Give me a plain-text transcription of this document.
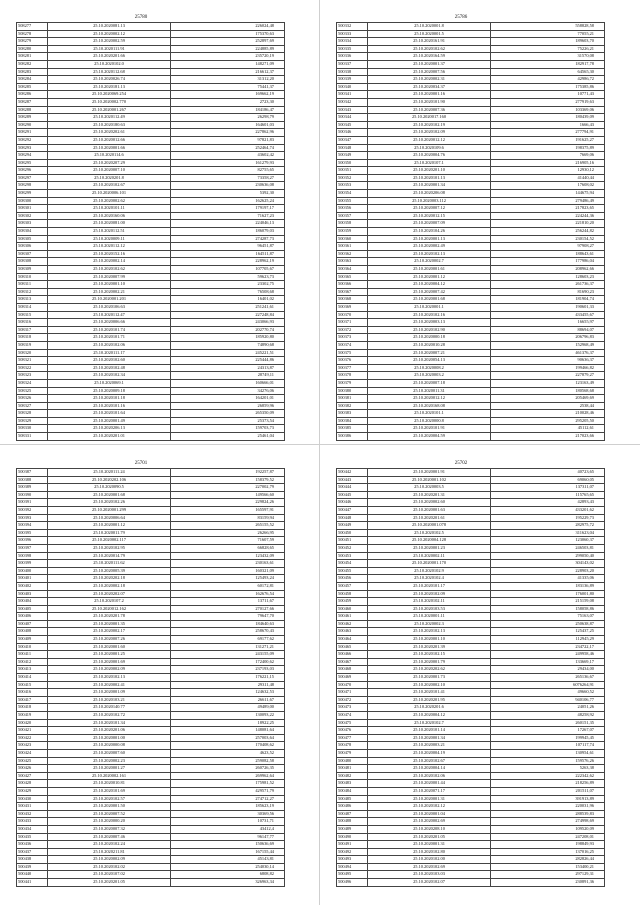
25780
508277	25.10.2020081.13	226024,48
508278	25.10.2020002.12	175370,63
508279	25.10.2020002.59	252897,69
508280	25.10.2020111.91	224885,89
508281	25.10.2020201.66	235720,19
508282	25.10.2020102.0	148271,09
508283	25.10.2020112.68	216612,37
508284	25.10.2020026.74	31312,20
508285	25.10.2020181.13	75441,37
508286	25.10.2020069.254	169662,19
508287	25.10.2020002.770	2723,30
508288	25.10.2020001.267	184186,47
508289	25.10.2020112.49	26298,79
508290	25.10.2020180.63	164601,03
508291	25.10.2020202.61	227862,96
508292	25.10.2020012.66	97821,83
508293	25.10.2020001.66	252464,74
508294	25.10.2020114.6	43602,42
508295	25.10.2020207.29	161279,93
508296	25.10.2020007.10	82755,65
508297	25.10.2020201.8	73358,27
508298	25.10.2020102.67	230636,08
508299	25.10.2020006.101	5392,30
508300	25.10.2020002.62	162625,24
508301	25.10.2020101.11	179197,17
508302	25.10.2020160.06	71627,23
508303	25.10.2020081.00	224046,13
508304	25.10.2020112.51	186079,03
508305	25.10.2020009.11	274287,73
508306	25.10.2020112.12	96451,87
508307	25.10.2020152.16	164511,87
508308	25.10.2020002.14	228962,19
508309	25.10.2020102.62	107705,67
508310	25.10.2020007.99	59623,73
508311	25.10.2020001.10	23302,75
508312	25.10.2020002.21	76508,68
508313	25.10.2020001.201	16401,02
508314	25.10.2020106.63	251241,61
508315	25.10.2020112.47	227248,84
508316	25.10.2020006.66	243066,93
508317	25.10.2020101.74	202770,74
508318	25.10.2020101.71	185920,80
508319	25.10.2020102.06	74890,68
508320	25.10.2020111.17	245221,51
508321	25.10.2020102.60	225444,86
508322	25.10.2020102.48	24313,87
508323	25.10.2020102.34	28749,11
508324	25.10.2020069.1	160666,01
508325	25.10.2020009.18	34276,06
508326	25.10.2020101.18	164201,01
508327	25.10.2020101.16	26859,96
508328	25.10.2020101.64	265350,09
508329	25.10.2020001.49	25373,54
508330	25.10.2020206.13	159703,73
508331	25.10.2020201.01	25461,04
25786
500332	25.10.2020001.8	558828,58
500333	25.10.2020001.5	77055,21
500334	25.10.2020161.91	189603,70
500335	25.10.2020102.62	75226,21
500336	25.10.2020164.59	31570,08
500337	25.10.2020001.37	182917,78
500338	25.10.2020007.56	64565,30
500339	25.10.2020002.31	42986,72
500340	25.10.2020034.37	175385,86
500341	25.10.2020001.16	10771,43
500342	25.10.2020101.90	277919,63
500343	25.10.2020007.36	103369,06
500344	25.10.2020017.160	180439,09
500345	25.10.2020102.19	1666,43
500346	25.10.2020102.09	277794,91
500347	25.10.2020012.12	191625,27
500348	25.10.2020109.6	198375,89
500349	25.10.2020004.76	7669,06
500350	25.10.2020107.1	216905,16
500351	25.10.2020201.10	12930,12
500352	25.10.2020101.13	41440,44
500353	25.10.2020001.34	17608,02
500354	25.10.2020206.08	144675,94
500355	25.10.2020003.112	279486,49
500356	25.10.2020007.12	217823,65
500357	25.10.2020012.15	224244,36
500358	25.10.2020007.09	221810,20
500359	25.10.2020104.26	256244,82
500360	25.10.2020001.13	230154,52
500361	25.10.2020002.49	97908,27
500362	25.10.2020102.13	188643,61
500363	25.10.2020002.7	177986,04
500364	25.10.2020001.61	208962,66
500365	25.10.2020001.12	128603,23
500366	25.10.2020004.12	261736,37
500367	25.10.2020007.42	81690,23
500368	25.10.2020001.68	181904,74
500369	25.10.2020001.1	190601,33
500370	25.10.2020102.16	433455,67
500371	25.10.2020003.13	16655,97
500372	25.10.2020102.90	88694,07
500373	25.10.2020000.18	206796,83
500374	25.10.2020010.28	152968,49
500375	25.10.2020007.21	461376,37
500376	25.10.2020054.13	90636,37
500377	25.10.2020008.2	199466,82
500378	25.10.2020003.2	227879,27
500379	25.10.2020007.18	123163,49
500380	25.10.2020011.31	180568,68
500381	25.10.2020012.12	205469,69
500382	25.10.2020168.08	2538,44
500383	25.10.2020101.1	210028,46
500384	25.10.2020000.8	295205,50
500385	25.10.2020101.91	45112,61
500386	25.10.2020004.59	217023,66
25701
500387	25.10.2020111.24	192257,87
500388	25.10.2020202.106	158379,52
500389	25.10.2020090.5	227002,79
500390	25.10.2020001.68	149566,60
500391	25.10.2020102.26	229824,26
500392	25.10.2020001.299	165597,91
500393	25.10.2020006.64	83159,94
500394	25.10.2020001.12	265155,52
500395	25.10.2020011.79	26266,95
500396	25.10.2020002.117	71607,59
500397	25.10.2020102.95	66828,65
500398	25.10.2020014.79	123432,09
500399	25.10.2020111.62	230163,61
500400	25.10.2020005.39	160321,09
500401	25.10.2020202.18	125493,24
500402	25.10.2020002.18	60172,81
500403	25.10.2020202.07	162676,54
500404	25.10.2020107.2	13711,67
500405	25.10.2020012.162	270127,66
500406	25.10.2020201.78	79647,70
500407	25.10.2020001.35	184640,63
500408	25.10.2020002.17	258670,43
500409	25.10.2020007.26	69177,62
500410	25.10.2020001.60	131271,21
500411	25.10.2020001.25	243155,09
500412	25.10.2020001.69	172400,62
500413	25.10.2020002.09	237193,03
500414	25.10.2020102.13	176221,15
500415	25.10.2020002.41	29311,48
500416	25.10.2020001.09	124632,53
500417	25.10.2020103.21	26611,67
500418	25.10.2020140.77	49489,00
500419	25.10.2020102.72	130093,22
500420	25.10.2020101.34	18922,25
500421	25.10.2020201.06	148081,64
500422	25.10.2020001.00	257003,64
500423	25.10.2020000.08	170408,62
500424	25.10.2020007.60	4623,52
500425	25.10.2020002.23	259082,58
500426	25.10.2020001.27	260726,35
500427	25.10.2020002.161	269962,64
500428	25.10.2020010.81	175981,52
500429	25.10.2020101.69	429571,79
500430	25.10.2020102.57	274712,27
500431	25.10.2020001.50	185623,19
500432	25.10.2020007.52	30369,56
500433	25.10.2020000.20	10731,71
500434	25.10.2020007.32	43412,4
500435	25.10.2020007.46	96147,77
500436	25.10.2020102.24	150636,69
500437	25.10.2020211.81	167155,44
500438	25.10.2020002.09	45143,81
500439	25.10.2020102.02	254030,14
500440	25.10.2020107.02	6808,82
500441	25.10.2020201.05	326963,34
25702
500442	25.10.2020001.91	40723,65
500443	25.10.2020001.102	69060,05
500444	25.10.2020003.5	137311,07
500445	25.10.2020201.31	115765,65
500446	25.10.2020002.60	42893,43
500447	25.10.2020001.63	433201,62
500448	25.10.2020201.61	195229,73
500449	25.10.2020001.078	282975,72
500450	25.10.2020102.5	311623,04
500451	25.10.2020004.128	123060,37
500452	25.10.2020001.23	246503,81
500453	25.10.2020002.11	299050,40
500454	25.10.2020001.170	304143,02
500455	25.10.2020102.9	228903,20
500456	25.10.2020102.4	41335,06
500457	25.10.2020101.17	183136,89
500458	25.10.2020102.09	176001,80
500459	25.10.2020102.11	215159,08
500460	25.10.2020103.53	158058,86
500461	25.10.2020001.11	75163,07
500462	25.10.2020002.3	250638,87
500463	25.10.2020102.13	125437,25
500464	25.10.2020001.10	112945,29
500465	25.10.2020201.39	234722,17
500466	25.10.2020102.15	249958,46
500467	25.10.2020001.79	133669,17
500468	25.10.2020202.62	29434,00
500469	25.10.2020001.73	265136,67
500470	25.10.2020002.10	6076264,91
500471	25.10.2020101.41	49660,52
500472	25.10.2020201.95	940106,77
500473	25.10.2020201.6	24051,26
500474	25.10.2020004.12	48258,92
500475	25.10.2020102.7	260151,35
500476	25.10.2020101.14	17267,07
500477	25.10.2020001.34	199945,45
500478	25.10.2020003.21	107117,74
500479	25.10.2020004.19	130954,61
500480	25.10.2020102.67	159576,26
500481	25.10.2020004.14	5263,38
500482	25.10.2020102.06	222342,62
500483	25.10.2020001.44	218256,89
500484	25.10.2020071.17	201511,07
500485	25.10.2020001.31	391913,89
500486	25.10.2020102.12	220031,96
500487	25.10.2020001.04	288539,83
500488	25.10.2020002.69	274998,69
500489	25.10.2020208.10	109520,09
500490	25.10.2020201.05	247208,01
500491	25.10.2020001.31	198849,93
500492	25.10.2020102.80	137016,25
500493	25.10.2020102.00	282826,44
500494	25.10.2020102.69	153400,21
500495	25.10.2020103.03	297129,31
500496	25.10.2020102.07	230891,36
